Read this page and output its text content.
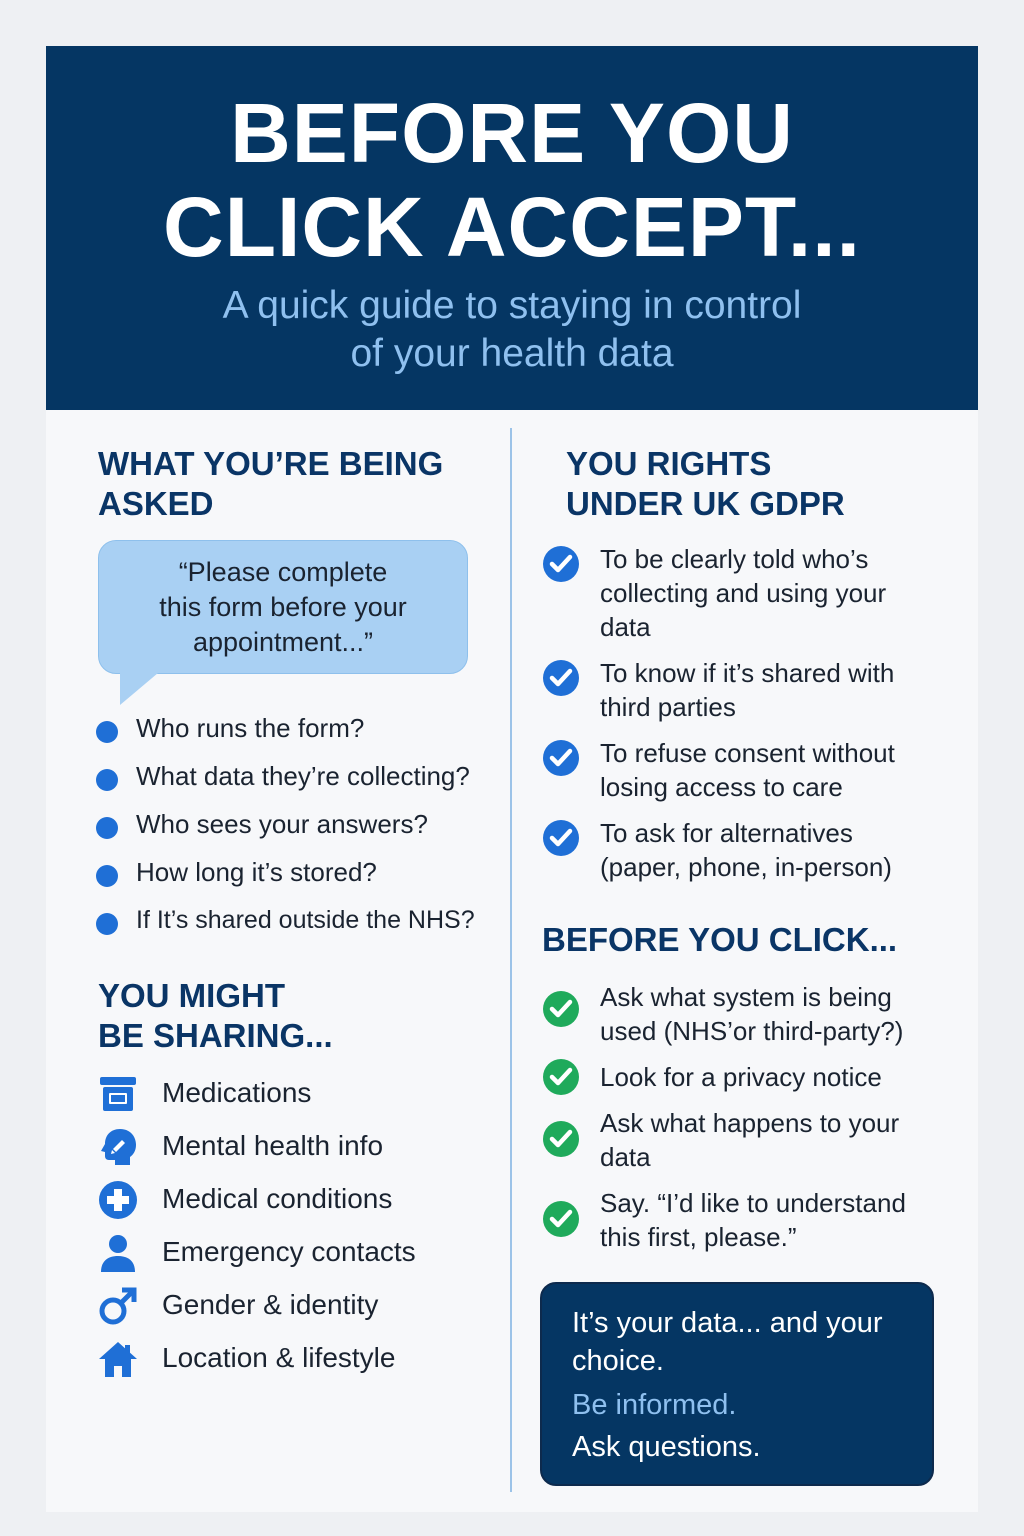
BEFORE YOU
CLICK ACCEPT...
A quick guide to staying in control
of your health data
WHAT YOU’RE BEING
ASKED
“Please complete
this form before your
appointment...”
Who runs the form?
What data they’re collecting?
Who sees your answers?
How long it’s stored?
If It’s shared outside the NHS?
YOU MIGHT
BE SHARING...
Medications
Mental health info
Medical conditions
Emergency contacts
Gender & identity
Location & lifestyle
YOU RIGHTS
UNDER UK GDPR
To be clearly told who’s collecting and using your data
To know if it’s shared with third parties
To refuse consent without losing access to care
To ask for alternatives (paper, phone, in-person)
BEFORE YOU CLICK...
Ask what system is being used (NHS’or third-party?)
Look for a privacy notice
Ask what happens to your data
Say. “I’d like to understand this first, please.”
It’s your data... and your choice.
Be informed.
Ask questions.
